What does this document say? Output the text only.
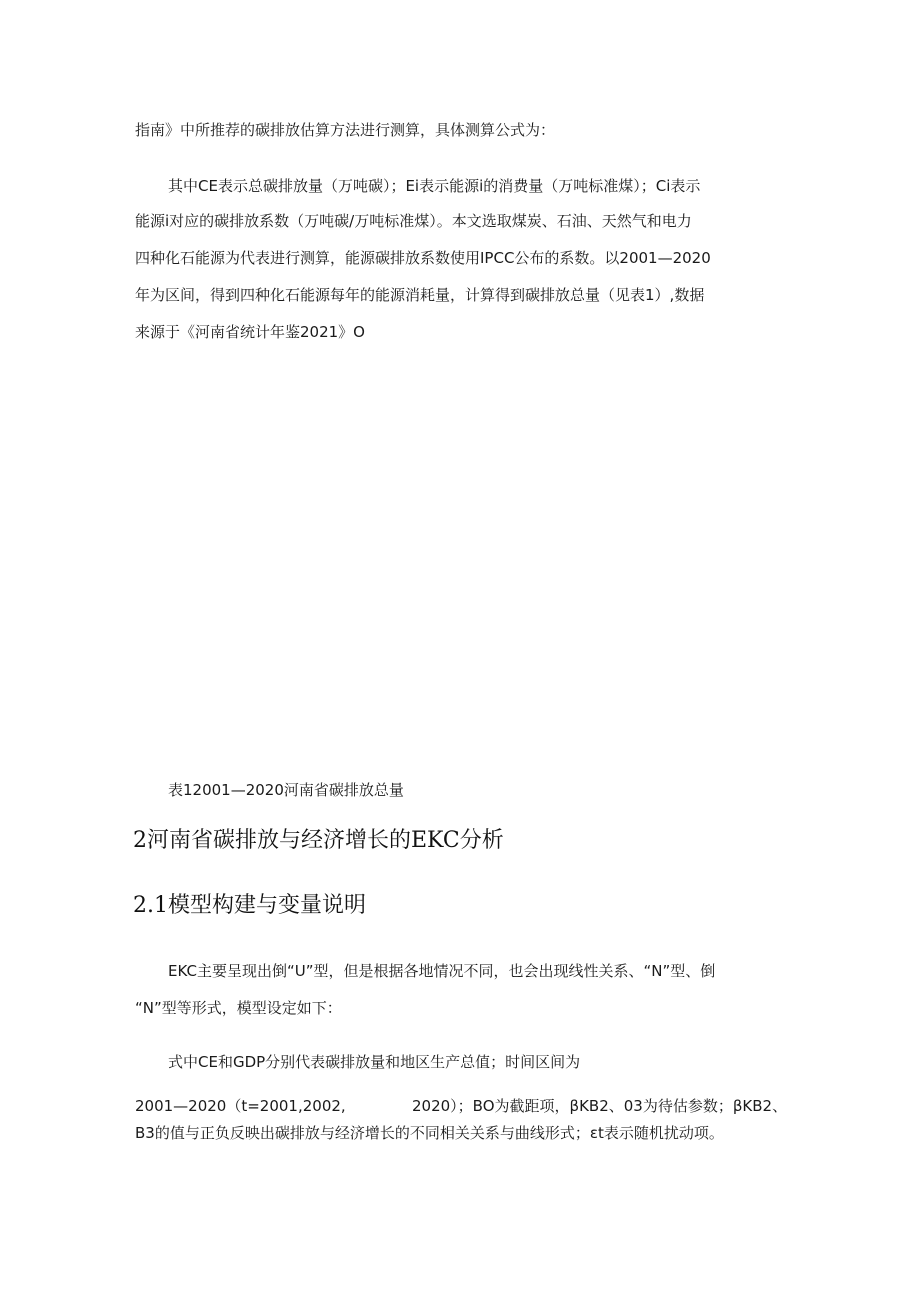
指南》中所推荐的碳排放估算方法进行测算，具体测算公式为：
其中CE表示总碳排放量（万吨碳）；Ei表示能源i的消费量（万吨标准煤）；Ci表示
能源i对应的碳排放系数（万吨碳/万吨标准煤）。本文选取煤炭、石油、天然气和电力
四种化石能源为代表进行测算，能源碳排放系数使用IPCC公布的系数。以2001—2020
年为区间，得到四种化石能源每年的能源消耗量，计算得到碳排放总量（见表1）,数据
来源于《河南省统计年鉴2021》O
表12001—2020河南省碳排放总量
2河南省碳排放与经济增长的EKC分析
2.1模型构建与变量说明
EKC主要呈现出倒“U”型，但是根据各地情况不同，也会出现线性关系、“N”型、倒
“N”型等形式，模型设定如下：
式中CE和GDP分别代表碳排放量和地区生产总值；时间区间为
2001—2020（t=2001,2002,	2020）；BO为截距项，βKB2、03为待估参数；βKB2、
B3的值与正负反映出碳排放与经济增长的不同相关关系与曲线形式；εt表示随机扰动项。
